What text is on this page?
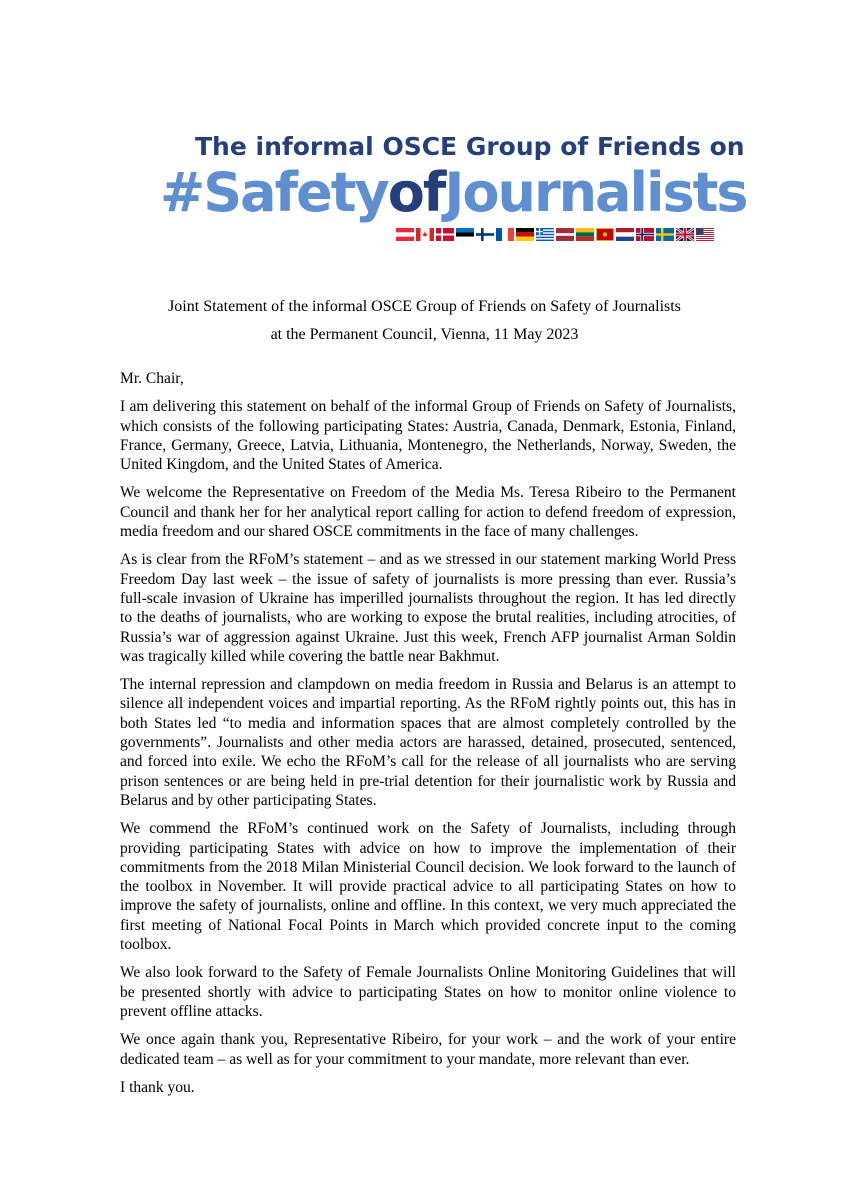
The informal OSCE Group of Friends on
#SafetyofJournalists
Joint Statement of the informal OSCE Group of Friends on Safety of Journalists
at the Permanent Council, Vienna, 11 May 2023

Mr. Chair,

I am delivering this statement on behalf of the informal Group of Friends on Safety of Journalists, which consists of the following participating States: Austria, Canada, Denmark, Estonia, Finland, France, Germany, Greece, Latvia, Lithuania, Montenegro, the Netherlands, Norway, Sweden, the United Kingdom, and the United States of America.

We welcome the Representative on Freedom of the Media Ms. Teresa Ribeiro to the Permanent Council and thank her for her analytical report calling for action to defend freedom of expression, media freedom and our shared OSCE commitments in the face of many challenges.

As is clear from the RFoM’s statement – and as we stressed in our statement marking World Press Freedom Day last week – the issue of safety of journalists is more pressing than ever. Russia’s full-scale invasion of Ukraine has imperilled journalists throughout the region. It has led directly to the deaths of journalists, who are working to expose the brutal realities, including atrocities, of Russia’s war of aggression against Ukraine. Just this week, French AFP journalist Arman Soldin was tragically killed while covering the battle near Bakhmut.

The internal repression and clampdown on media freedom in Russia and Belarus is an attempt to silence all independent voices and impartial reporting. As the RFoM rightly points out, this has in both States led “to media and information spaces that are almost completely controlled by the governments”. Journalists and other media actors are harassed, detained, prosecuted, sentenced, and forced into exile. We echo the RFoM’s call for the release of all journalists who are serving prison sentences or are being held in pre-trial detention for their journalistic work by Russia and Belarus and by other participating States.

We commend the RFoM’s continued work on the Safety of Journalists, including through providing participating States with advice on how to improve the implementation of their commitments from the 2018 Milan Ministerial Council decision. We look forward to the launch of the toolbox in November. It will provide practical advice to all participating States on how to improve the safety of journalists, online and offline. In this context, we very much appreciated the first meeting of National Focal Points in March which provided concrete input to the coming toolbox.

We also look forward to the Safety of Female Journalists Online Monitoring Guidelines that will be presented shortly with advice to participating States on how to monitor online violence to prevent offline attacks.

We once again thank you, Representative Ribeiro, for your work – and the work of your entire dedicated team – as well as for your commitment to your mandate, more relevant than ever.

I thank you.
